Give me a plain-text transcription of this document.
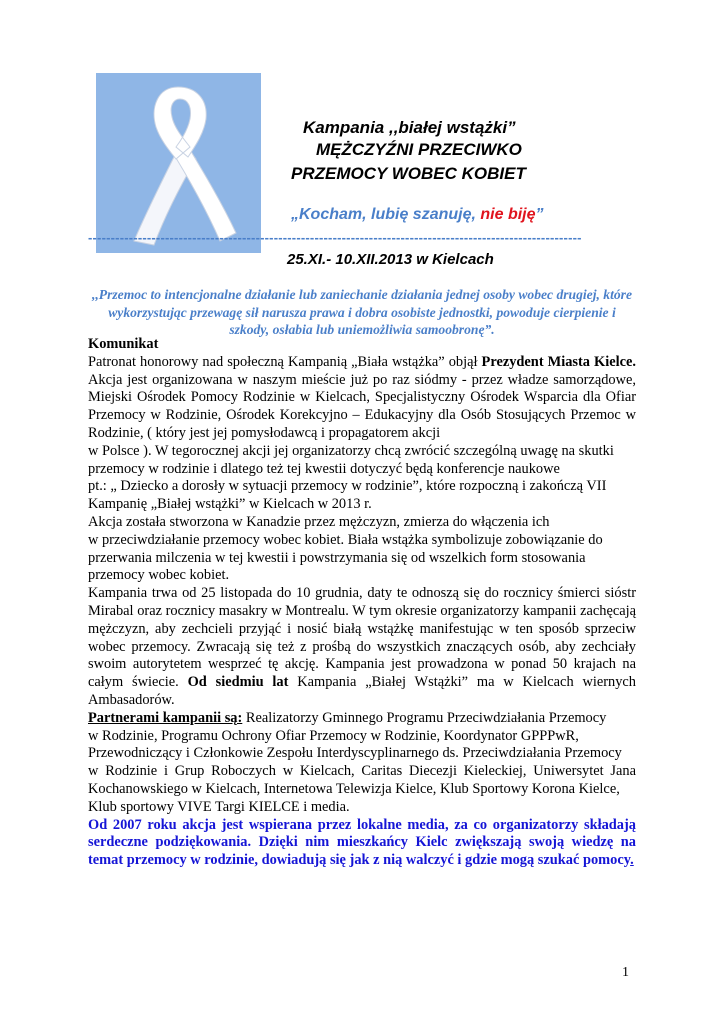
Kampania ,,białej wstążki”
MĘŻCZYŹNI PRZECIWKO
PRZEMOCY WOBEC KOBIET
„Kocham, lubię szanuję, nie biję”
-------------------------------------------------------------------------------------------------------------
25.XI.- 10.XII.2013 w Kielcach
,,Przemoc to intencjonalne działanie lub zaniechanie działania jednej osoby wobec drugiej, które wykorzystując przewagę sił narusza prawa i dobra osobiste jednostki, powoduje cierpienie i szkody, osłabia lub uniemożliwia samoobronę”.

Komunikat

Patronat honorowy nad społeczną Kampanią „Biała wstążka” objął Prezydent Miasta Kielce. Akcja jest organizowana w naszym mieście już po raz siódmy - przez władze samorządowe, Miejski Ośrodek Pomocy Rodzinie w Kielcach, Specjalistyczny Ośrodek Wsparcia dla Ofiar Przemocy w Rodzinie, Ośrodek Korekcyjno – Edukacyjny dla Osób Stosujących Przemoc w Rodzinie, ( który jest jej pomysłodawcą i propagatorem akcji

w Polsce ). W tegorocznej akcji jej organizatorzy chcą zwrócić szczególną uwagę na skutki

przemocy w rodzinie i dlatego też tej kwestii dotyczyć będą konferencje naukowe

pt.: „ Dziecko a dorosły w sytuacji przemocy w rodzinie”, które rozpoczną i zakończą VII

Kampanię „Białej wstążki” w Kielcach w 2013 r.

Akcja została stworzona w Kanadzie przez mężczyzn, zmierza do włączenia ich

w przeciwdziałanie przemocy wobec kobiet. Biała wstążka symbolizuje zobowiązanie do

przerwania milczenia w tej kwestii i powstrzymania się od wszelkich form stosowania

przemocy wobec kobiet.

Kampania trwa od 25 listopada do 10 grudnia, daty te odnoszą się do rocznicy śmierci sióstr Mirabal oraz rocznicy masakry w Montrealu. W tym okresie organizatorzy kampanii zachęcają mężczyzn, aby zechcieli przyjąć i nosić białą wstążkę manifestując w ten sposób sprzeciw wobec przemocy. Zwracają się też z prośbą do wszystkich znaczących osób, aby zechciały swoim autorytetem wesprzeć tę akcję. Kampania jest prowadzona w ponad 50 krajach na całym świecie. Od siedmiu lat Kampania „Białej Wstążki” ma w Kielcach wiernych Ambasadorów.

Partnerami kampanii są: Realizatorzy Gminnego Programu Przeciwdziałania Przemocy

w Rodzinie, Programu Ochrony Ofiar Przemocy w Rodzinie, Koordynator GPPPwR,

Przewodniczący i Członkowie Zespołu Interdyscyplinarnego ds. Przeciwdziałania Przemocy

w Rodzinie i Grup Roboczych w Kielcach, Caritas Diecezji Kieleckiej, Uniwersytet Jana Kochanowskiego w Kielcach, Internetowa Telewizja Kielce, Klub Sportowy Korona Kielce,

Klub sportowy VIVE Targi KIELCE i media.

Od 2007 roku akcja jest wspierana przez lokalne media, za co organizatorzy składają serdeczne podziękowania. Dzięki nim mieszkańcy Kielc zwiększają swoją wiedzę na temat przemocy w rodzinie, dowiadują się jak z nią walczyć i gdzie mogą szukać pomocy.

1
